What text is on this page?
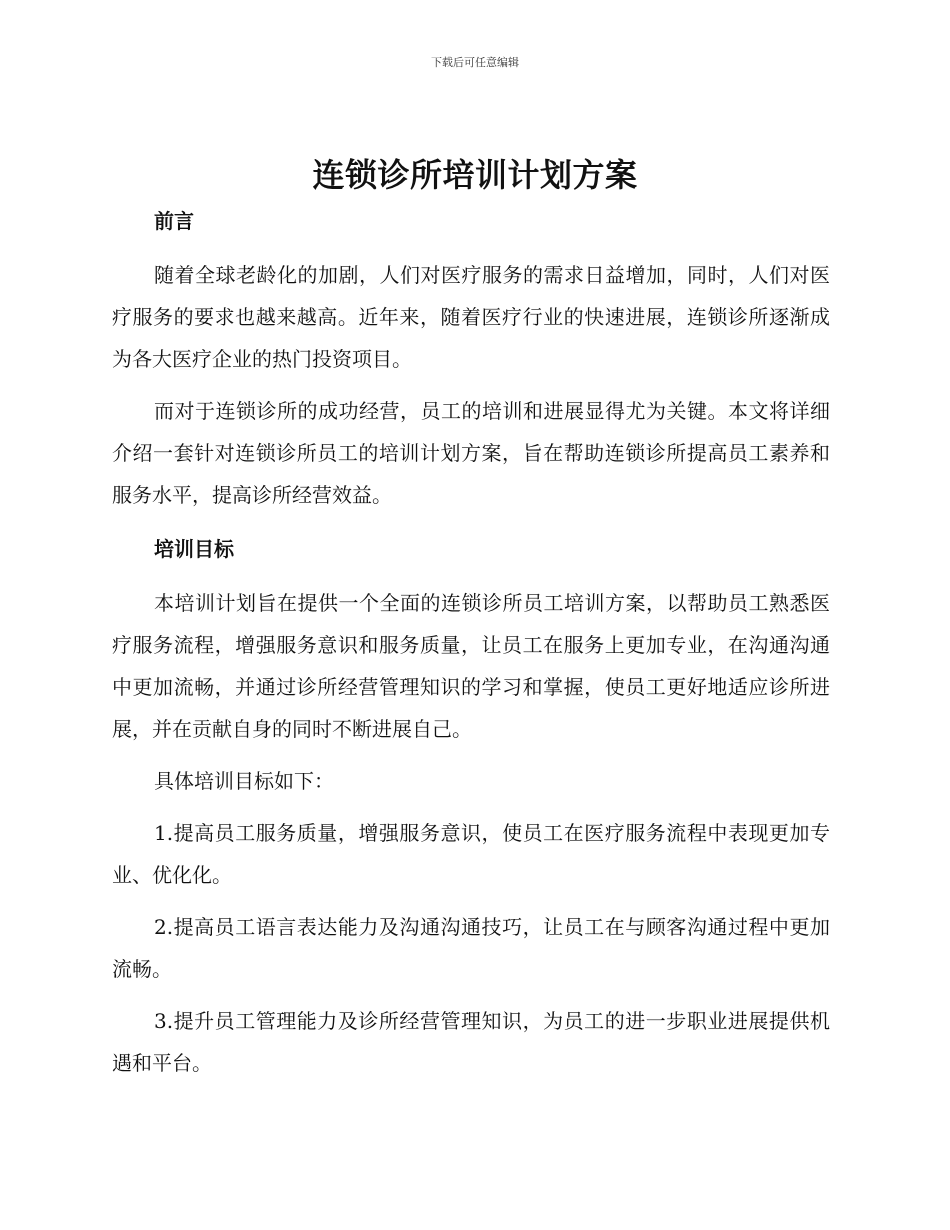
下载后可任意编辑
连锁诊所培训计划方案
前言

随着全球老龄化的加剧，人们对医疗服务的需求日益增加，同时，人们对医疗服务的要求也越来越高。近年来，随着医疗行业的快速进展，连锁诊所逐渐成为各大医疗企业的热门投资项目。

而对于连锁诊所的成功经营，员工的培训和进展显得尤为关键。本文将详细介绍一套针对连锁诊所员工的培训计划方案，旨在帮助连锁诊所提高员工素养和服务水平，提高诊所经营效益。

培训目标

本培训计划旨在提供一个全面的连锁诊所员工培训方案，以帮助员工熟悉医疗服务流程，增强服务意识和服务质量，让员工在服务上更加专业，在沟通沟通中更加流畅，并通过诊所经营管理知识的学习和掌握，使员工更好地适应诊所进展，并在贡献自身的同时不断进展自己。

具体培训目标如下：

1.提高员工服务质量，增强服务意识，使员工在医疗服务流程中表现更加专业、优化化。

2.提高员工语言表达能力及沟通沟通技巧，让员工在与顾客沟通过程中更加流畅。

3.提升员工管理能力及诊所经营管理知识，为员工的进一步职业进展提供机遇和平台。
